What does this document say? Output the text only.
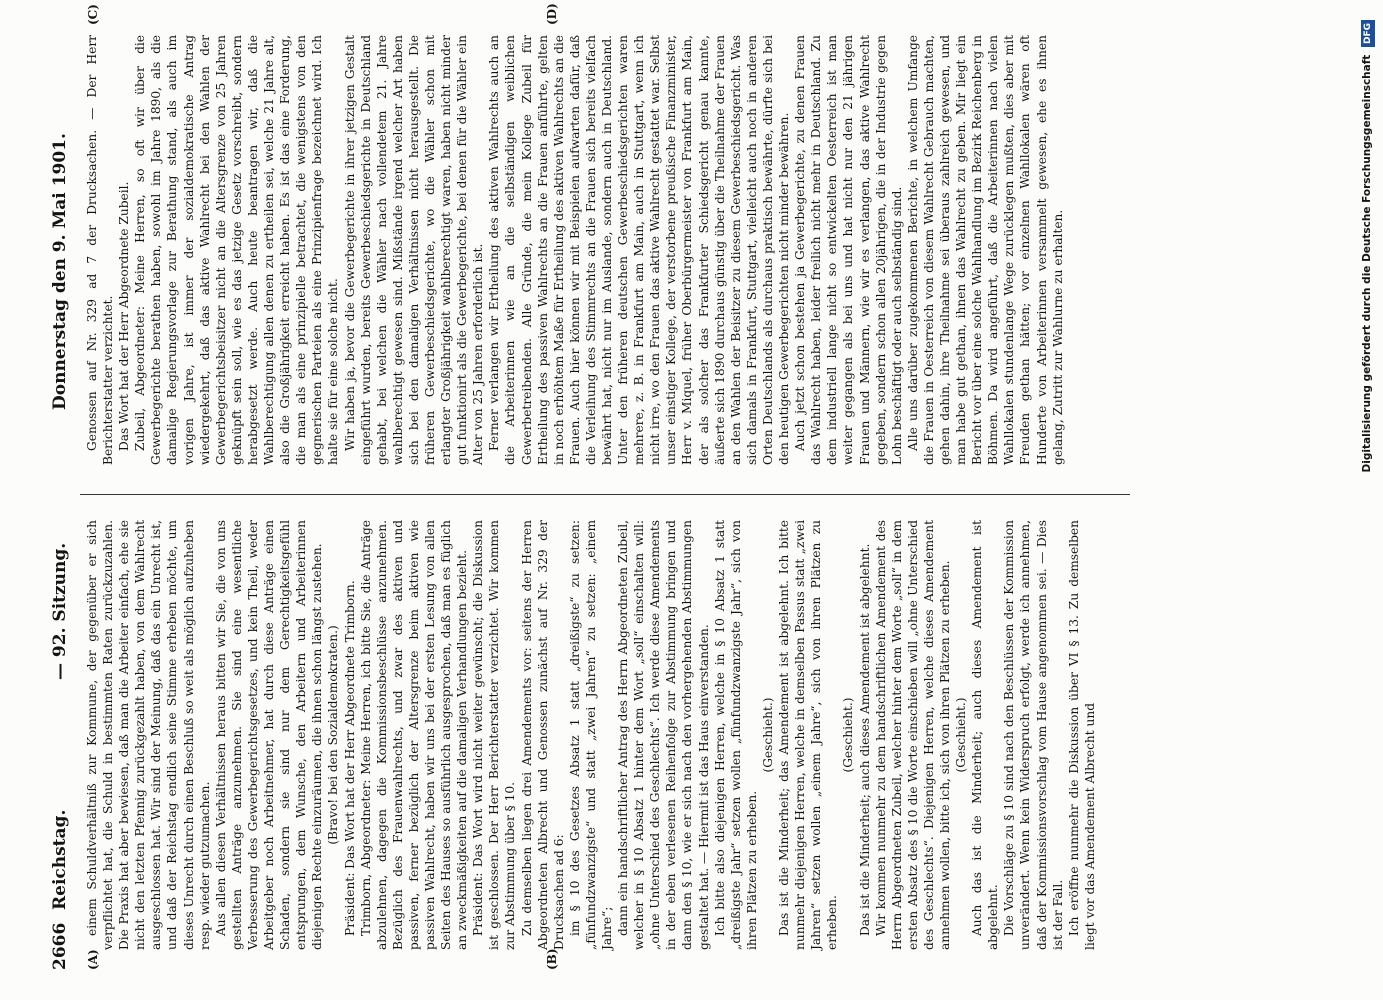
2666
Reichstag.
— 92. Sitzung.
Donnerstag den 9. Mai 1901.
(A)	(B)
(C)	(D)

einem Schuldverhältniß zur Kommune, der gegenüber er sich verpflichtet hat, die Schuld in bestimmten Raten zurückzuzahlen. Die Praxis hat aber bewiesen, daß man die Arbeiter einfach, ehe sie nicht den letzten Pfennig zurückgezahlt haben, von dem Wahlrecht ausgeschlossen hat. Wir sind der Meinung, daß das ein Unrecht ist, und daß der Reichstag endlich seine Stimme erheben möchte, um dieses Unrecht durch einen Beschluß so weit als möglich aufzuheben resp. wieder gutzumachen. Aus allen diesen Verhältnissen heraus bitten wir Sie, die von uns gestellten Anträge anzunehmen. Sie sind eine wesentliche Verbesserung des Gewerbegerichtsgesetzes, und kein Theil, weder Arbeitgeber noch Arbeitnehmer, hat durch diese Anträge einen Schaden, sondern sie sind nur dem Gerechtigkeitsgefühl entsprungen, dem Wunsche, den Arbeitern und Arbeiterinnen diejenigen Rechte einzuräumen, die ihnen schon längst zustehen. (Bravo! bei den Sozialdemokraten.) Präsident: Das Wort hat der Herr Abgeordnete Trimborn. Trimborn, Abgeordneter: Meine Herren, ich bitte Sie, die Anträge abzulehnen, dagegen die Kommissionsbeschlüsse anzunehmen. Bezüglich des Frauenwahlrechts, und zwar des aktiven und passiven, ferner bezüglich der Altersgrenze beim aktiven wie passiven Wahlrecht, haben wir uns bei der ersten Lesung von allen Seiten des Hauses so ausführlich ausgesprochen, daß man es füglich an zweckmäßigkeiten auf die damaligen Verhandlungen bezieht. Präsident: Das Wort wird nicht weiter gewünscht; die Diskussion ist geschlossen. Der Herr Berichterstatter verzichtet. Wir kommen zur Abstimmung über § 10. Zu demselben liegen drei Amendements vor: seitens der Herren Abgeordneten Albrecht und Genossen zunächst auf Nr. 329 der Drucksachen ad 6: im § 10 des Gesetzes Absatz 1 statt „dreißigste“ zu setzen: „fünfundzwanzigste“ und statt „zwei Jahren“ zu setzen: „einem Jahre“; dann ein handschriftlicher Antrag des Herrn Abgeordneten Zubeil, welcher in § 10 Absatz 1 hinter dem Wort „soll“ einschalten will: „ohne Unterschied des Geschlechts“. Ich werde diese Amendements in der eben verlesenen Reihenfolge zur Abstimmung bringen und dann den § 10, wie er sich nach den vorhergehenden Abstimmungen gestaltet hat. — Hiermit ist das Haus einverstanden. Ich bitte also diejenigen Herren, welche in § 10 Absatz 1 statt „dreißigste Jahr“ setzen wollen „fünfundzwanzigste Jahr“, sich von ihren Plätzen zu erheben.

(Geschieht.) Das ist die Minderheit; das Amendement ist abgelehnt. Ich bitte nunmehr diejenigen Herren, welche in demselben Passus statt „zwei Jahren“ setzen wollen „einem Jahre“, sich von ihren Plätzen zu erheben.

(Geschieht.) Das ist die Minderheit; auch dieses Amendement ist abgelehnt. Wir kommen nunmehr zu dem handschriftlichen Amendement des Herrn Abgeordneten Zubeil, welcher hinter dem Worte „soll“ in dem ersten Absatz des § 10 die Worte einschieben will „ohne Unterschied des Geschlechts“. Diejenigen Herren, welche dieses Amendement annehmen wollen, bitte ich, sich von ihren Plätzen zu erheben. (Geschieht.) Auch das ist die Minderheit; auch dieses Amendement ist abgelehnt. Die Vorschläge zu § 10 sind nach den Beschlüssen der Kommission unverändert. Wenn kein Widerspruch erfolgt, werde ich annehmen, daß der Kommissionsvorschlag vom Hause angenommen sei. — Dies ist der Fall. Ich eröffne nunmehr die Diskussion über VI § 13. Zu demselben liegt vor das Amendement Albrecht und

Genossen auf Nr. 329 ad 7 der Drucksachen. — Der Herr Berichterstatter verzichtet. Das Wort hat der Herr Abgeordnete Zubeil. Zubeil, Abgeordneter: Meine Herren, so oft wir über die Gewerbegerichte berathen haben, sowohl im Jahre 1890, als die damalige Regierungsvorlage zur Berathung stand, als auch im vorigen Jahre, ist immer der sozialdemokratische Antrag wiedergekehrt, daß das aktive Wahlrecht bei den Wahlen der Gewerbegerichtsbeisitzer nicht an die Altersgrenze von 25 Jahren geknüpft sein soll, wie es das jetzige Gesetz vorschreibt, sondern herabgesetzt werde. Auch heute beantragen wir, daß die Wahlberechtigung allen denen zu ertheilen sei, welche 21 Jahre alt, also die Großjährigkeit erreicht haben. Es ist das eine Forderung, die man als eine prinzipielle betrachtet, die wenigstens von den gegnerischen Parteien als eine Prinzipienfrage bezeichnet wird. Ich halte sie für eine solche nicht. Wir haben ja, bevor die Gewerbegerichte in ihrer jetzigen Gestalt eingeführt wurden, bereits Gewerbeschiedsgerichte in Deutschland gehabt, bei welchen die Wähler nach vollendetem 21. Jahre wahlberechtigt gewesen sind. Mißstände irgend welcher Art haben sich bei den damaligen Verhältnissen nicht herausgestellt. Die früheren Gewerbeschiedsgerichte, wo die Wähler schon mit erlangter Großjährigkeit wahlberechtigt waren, haben nicht minder gut funktionirt als die Gewerbegerichte, bei denen für die Wähler ein Alter von 25 Jahren erforderlich ist. Ferner verlangen wir Ertheilung des aktiven Wahlrechts auch an die Arbeiterinnen wie an die selbständigen weiblichen Gewerbetreibenden. Alle Gründe, die mein Kollege Zubeil für Ertheilung des passiven Wahlrechts an die Frauen anführte, gelten in noch erhöhtem Maße für Ertheilung des aktiven Wahlrechts an die Frauen. Auch hier können wir mit Beispielen aufwarten dafür, daß die Verleihung des Stimmrechts an die Frauen sich bereits vielfach bewährt hat, nicht nur im Auslande, sondern auch in Deutschland. Unter den früheren deutschen Gewerbeschiedsgerichten waren mehrere, z. B. in Frankfurt am Main, auch in Stuttgart, wenn ich nicht irre, wo den Frauen das aktive Wahlrecht gestattet war. Selbst unser einstiger Kollege, der verstorbene preußische Finanzminister, Herr v. Miquel, früher Oberbürgermeister von Frankfurt am Main, der als solcher das Frankfurter Schiedsgericht genau kannte, äußerte sich 1890 durchaus günstig über die Theilnahme der Frauen an den Wahlen der Beisitzer zu diesem Gewerbeschiedsgericht. Was sich damals in Frankfurt, Stuttgart, vielleicht auch noch in anderen Orten Deutschlands als durchaus praktisch bewährte, dürfte sich bei den heutigen Gewerbegerichten nicht minder bewähren. Auch jetzt schon bestehen ja Gewerbegerichte, zu denen Frauen das Wahlrecht haben, leider freilich nicht mehr in Deutschland. Zu dem industriell lange nicht so entwickelten Oesterreich ist man weiter gegangen als bei uns und hat nicht nur den 21 jährigen Frauen und Männern, wie wir es verlangen, das aktive Wahlrecht gegeben, sondern schon allen 20jährigen, die in der Industrie gegen Lohn beschäftigt oder auch selbständig sind. Alle uns darüber zugekommenen Berichte, in welchem Umfange die Frauen in Oesterreich von diesem Wahlrecht Gebrauch machten, gehen dahin, ihre Theilnahme sei überaus zahlreich gewesen, und man habe gut gethan, ihnen das Wahlrecht zu geben. Mir liegt ein Bericht vor über eine solche Wahlhandlung im Bezirk Reichenberg in Böhmen. Da wird angeführt, daß die Arbeiterinnen nach vielen Wahllokalen stundenlange Wege zurücklegen mußten, dies aber mit Freuden gethan hätten; vor einzelnen Wahllokalen wären oft Hunderte von Arbeiterinnen versammelt gewesen, ehe es ihnen gelang, Zutritt zur Wahlurne zu erhalten.	Digitalisierung gefördert durch die Deutsche Forschungsgemeinschaft DFG
